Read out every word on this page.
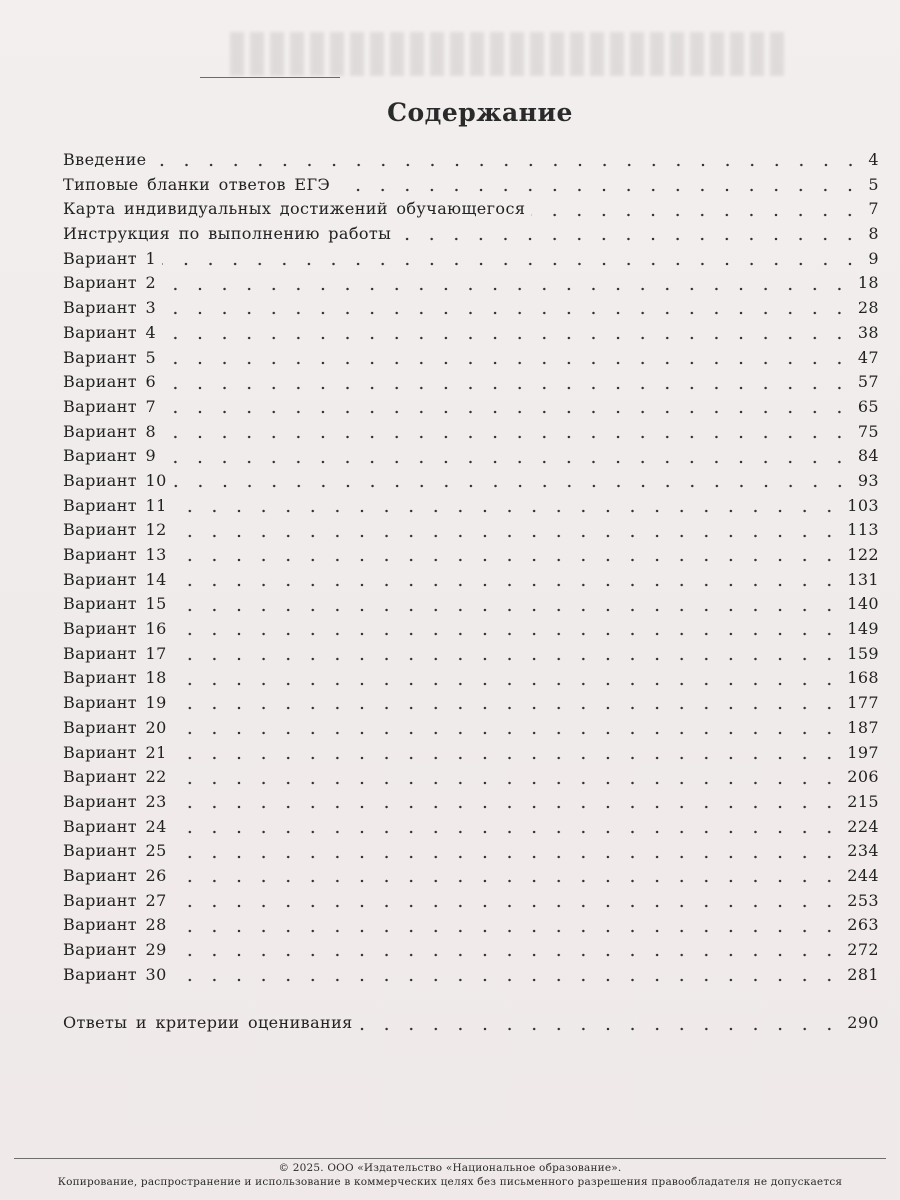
Содержание
Введение	4
Типовые бланки ответов ЕГЭ	5
Карта индивидуальных достижений обучающегося	7
Инструкция по выполнению работы	8
Вариант 1	9
Вариант 2	18
Вариант 3	28
Вариант 4	38
Вариант 5	47
Вариант 6	57
Вариант 7	65
Вариант 8	75
Вариант 9	84
Вариант 10	93
Вариант 11	103
Вариант 12	113
Вариант 13	122
Вариант 14	131
Вариант 15	140
Вариант 16	149
Вариант 17	159
Вариант 18	168
Вариант 19	177
Вариант 20	187
Вариант 21	197
Вариант 22	206
Вариант 23	215
Вариант 24	224
Вариант 25	234
Вариант 26	244
Вариант 27	253
Вариант 28	263
Вариант 29	272
Вариант 30	281
Ответы и критерии оценивания	290
© 2025. ООО «Издательство «Национальное образование».
Копирование, распространение и использование в коммерческих целях без письменного разрешения правообладателя не допускается
